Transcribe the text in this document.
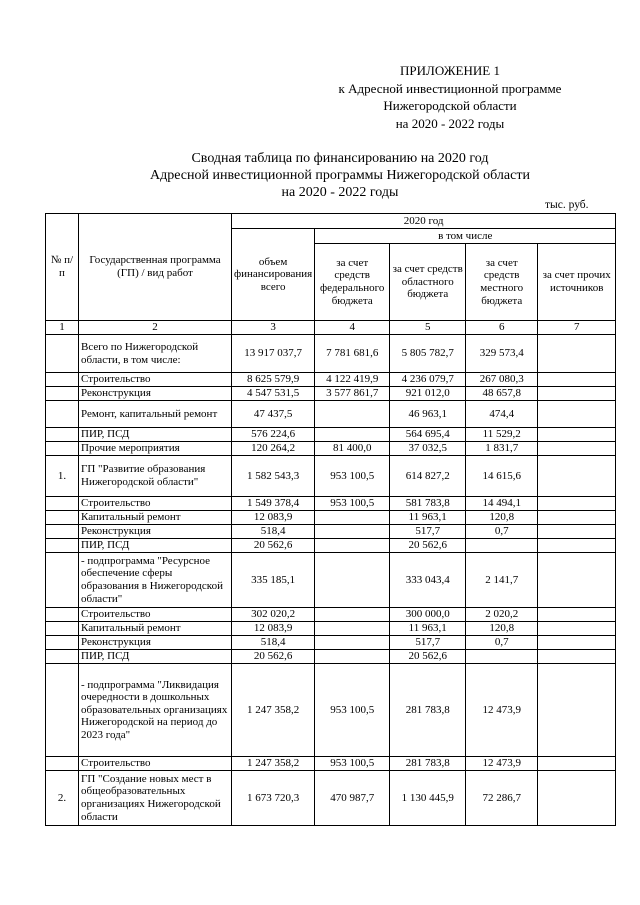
ПРИЛОЖЕНИЕ 1
к Адресной инвестиционной программе
Нижегородской области
на 2020 - 2022 годы
Сводная таблица по финансированию на 2020 год
Адресной инвестиционной программы Нижегородской области
на 2020 - 2022 годы
тыс. руб.
№ п/п	Государственная программа (ГП) / вид работ	2020 год				
		объем финансирования всего	в том числе			
			за счет средств федерального бюджета	за счет средств областного бюджета	за счет средств местного бюджета	за счет прочих источников
1	2	3	4	5	6	7
	Всего по Нижегородской области, в том числе:	13 917 037,7	7 781 681,6	5 805 782,7	329 573,4	
	Строительство	8 625 579,9	4 122 419,9	4 236 079,7	267 080,3	
	Реконструкция	4 547 531,5	3 577 861,7	921 012,0	48 657,8	
	Ремонт, капитальный ремонт	47 437,5		46 963,1	474,4	
	ПИР, ПСД	576 224,6		564 695,4	11 529,2	
	Прочие мероприятия	120 264,2	81 400,0	37 032,5	1 831,7	
1.	ГП "Развитие образования Нижегородской области"	1 582 543,3	953 100,5	614 827,2	14 615,6	
	Строительство	1 549 378,4	953 100,5	581 783,8	14 494,1	
	Капитальный ремонт	12 083,9		11 963,1	120,8	
	Реконструкция	518,4		517,7	0,7	
	ПИР, ПСД	20 562,6		20 562,6		
	- подпрограмма "Ресурсное обеспечение сферы образования в Нижегородской области"	335 185,1		333 043,4	2 141,7	
	Строительство	302 020,2		300 000,0	2 020,2	
	Капитальный ремонт	12 083,9		11 963,1	120,8	
	Реконструкция	518,4		517,7	0,7	
	ПИР, ПСД	20 562,6		20 562,6		
	- подпрограмма "Ликвидация очередности в дошкольных образовательных организациях Нижегородской на период до 2023 года"	1 247 358,2	953 100,5	281 783,8	12 473,9	
	Строительство	1 247 358,2	953 100,5	281 783,8	12 473,9	
2.	ГП "Создание новых мест в общеобразовательных организациях Нижегородской области	1 673 720,3	470 987,7	1 130 445,9	72 286,7	
